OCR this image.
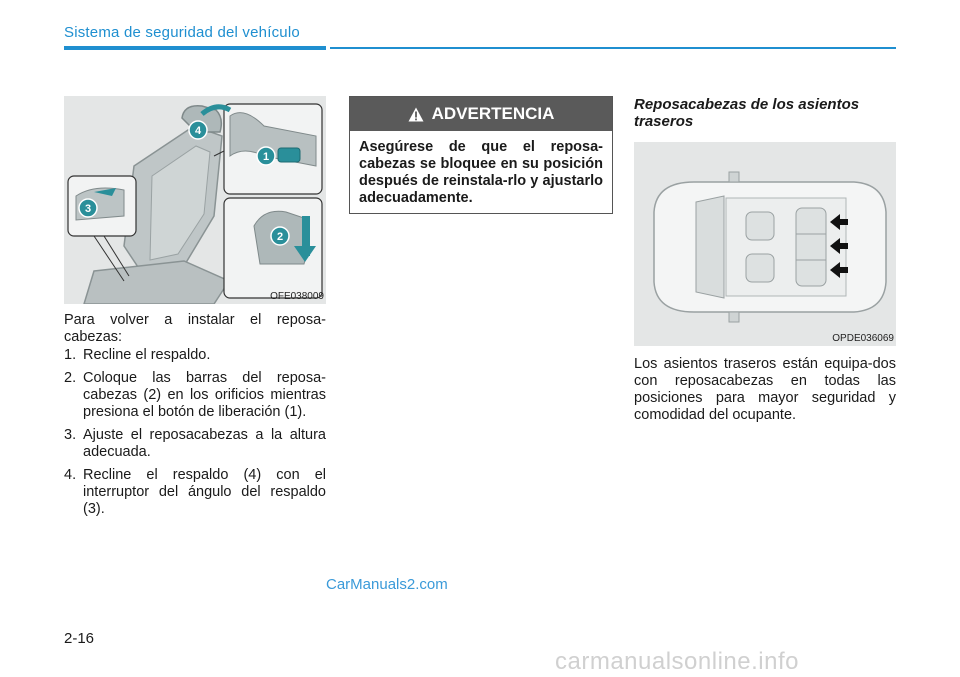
Sistema de seguridad del vehículo
4
1
2
3
OFE038009

Para volver a instalar el reposa-cabezas:

1. Recline el respaldo.
2. Coloque las barras del reposa-cabezas (2) en los orificios mientras presiona el botón de liberación (1).
3. Ajuste el reposacabezas a la altura adecuada.
4. Recline el respaldo (4) con el interruptor del ángulo del respaldo (3).
ADVERTENCIA
Asegúrese de que el reposa-cabezas se bloquee en su posición después de reinstala-rlo y ajustarlo adecuadamente.
Reposacabezas de los asientos traseros
OPDE036069

Los asientos traseros están equipa-dos con reposacabezas en todas las posiciones para mayor seguridad y comodidad del ocupante.

CarManuals2.com
2-16
carmanualsonline.info
